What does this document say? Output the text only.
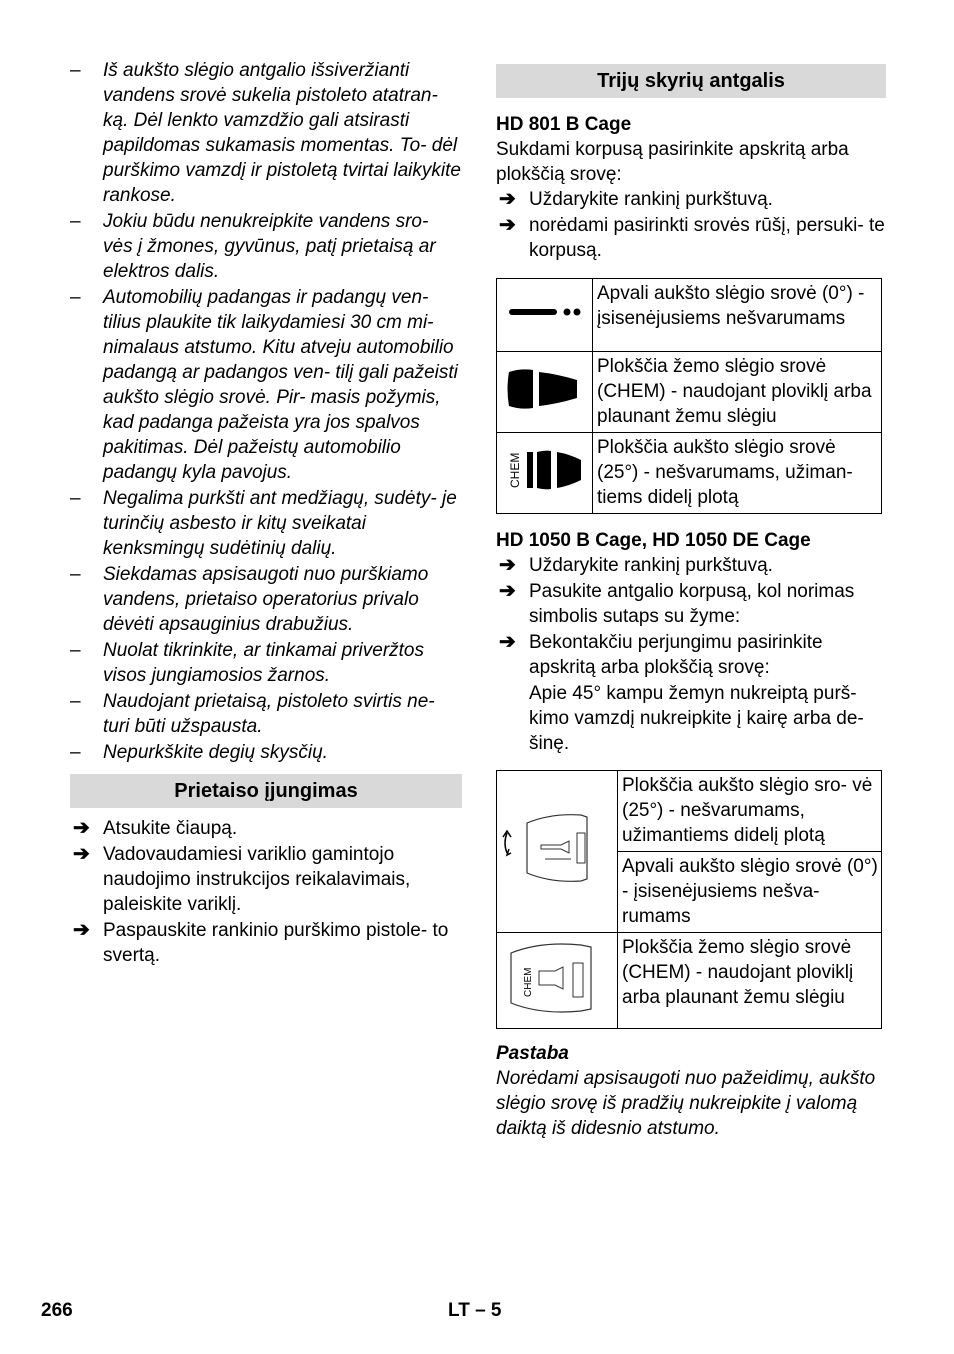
–	Iš aukšto slėgio antgalio išsiveržianti vandens srovė sukelia pistoleto atatran- ką. Dėl lenkto vamzdžio gali atsirasti papildomas sukamasis momentas. To- dėl purškimo vamzdį ir pistoletą tvirtai laikykite rankose.
–	Jokiu būdu nenukreipkite vandens sro- vės į žmones, gyvūnus, patį prietaisą ar elektros dalis.
–	Automobilių padangas ir padangų ven- tilius plaukite tik laikydamiesi 30 cm mi- nimalaus atstumo. Kitu atveju automobilio padangą ar padangos ven- tilį gali pažeisti aukšto slėgio srovė. Pir- masis požymis, kad padanga pažeista yra jos spalvos pakitimas. Dėl pažeistų automobilio padangų kyla pavojus.
–	Negalima purkšti ant medžiagų, sudėty- je turinčių asbesto ir kitų sveikatai kenksmingų sudėtinių dalių.
–	Siekdamas apsisaugoti nuo purškiamo vandens, prietaiso operatorius privalo dėvėti apsauginius drabužius.
–	Nuolat tikrinkite, ar tinkamai priveržtos visos jungiamosios žarnos.
–	Naudojant prietaisą, pistoleto svirtis ne- turi būti užspausta.
–	Nepurkškite degių skysčių.
Prietaiso įjungimas
➔ Atsukite čiaupą.
➔ Vadovaudamiesi variklio gamintojo naudojimo instrukcijos reikalavimais, paleiskite variklį.
➔ Paspauskite rankinio purškimo pistole- to svertą.
Trijų skyrių antgalis
HD 801 B Cage
Sukdami korpusą pasirinkite apskritą arba plokščią srovę:
➔ Uždarykite rankinį purkštuvą.
➔ norėdami pasirinkti srovės rūšį, persuki- te korpusą.
	Apvali aukšto slėgio srovė (0°) - įsisenėjusiems nešvarumams
	Plokščia žemo slėgio srovė (CHEM) - naudojant ploviklį arba plaunant žemu slėgiu

CHEM	Plokščia aukšto slėgio srovė (25°) - nešvarumams, užiman- tiems didelį plotą
HD 1050 B Cage, HD 1050 DE Cage
➔ Uždarykite rankinį purkštuvą.
➔ Pasukite antgalio korpusą, kol norimas simbolis sutaps su žyme:
➔ Bekontakčiu perjungimu pasirinkite apskritą arba plokščią srovę:
Apie 45° kampu žemyn nukreiptą purš- kimo vamzdį nukreipkite į kairę arba de- šinę.
	Plokščia aukšto slėgio sro- vė (25°) - nešvarumams, užimantiems didelį plotą
	Apvali aukšto slėgio srovė (0°) - įsisenėjusiems nešva- rumams

CHEM	Plokščia žemo slėgio srovė (CHEM) - naudojant ploviklį arba plaunant žemu slėgiu
Pastaba
Norėdami apsisaugoti nuo pažeidimų, aukšto slėgio srovę iš pradžių nukreipkite į valomą daiktą iš didesnio atstumo.
266	LT – 5
